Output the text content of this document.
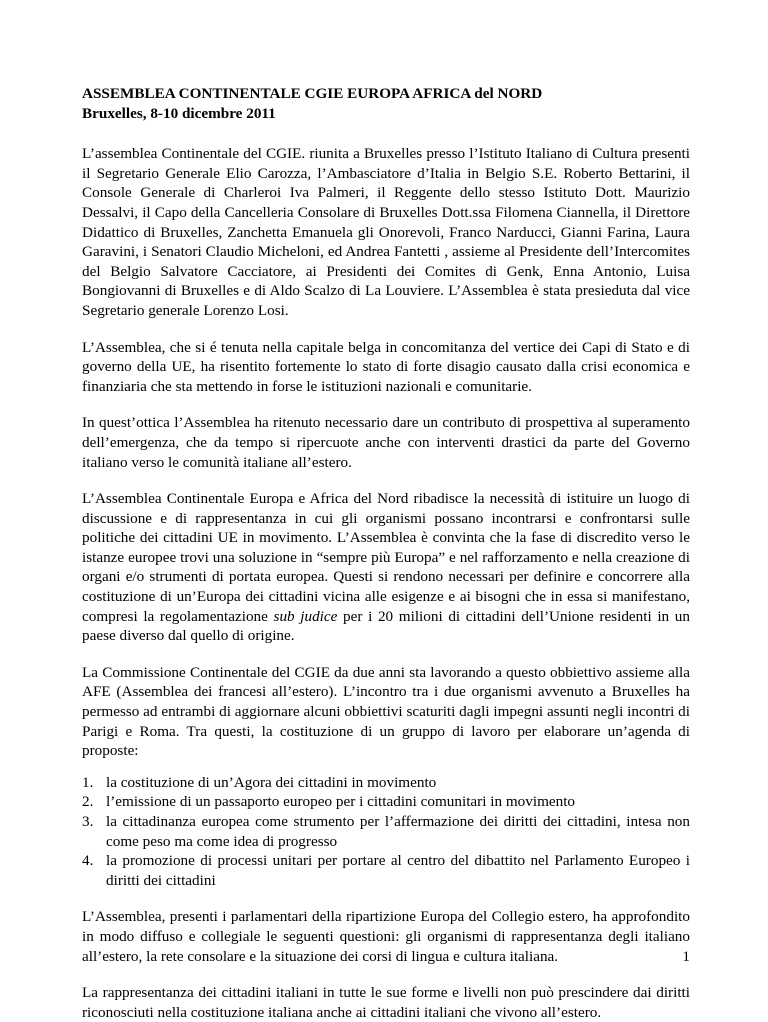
ASSEMBLEA CONTINENTALE CGIE EUROPA AFRICA del NORD

Bruxelles, 8-10 dicembre 2011

L’assemblea Continentale del CGIE. riunita a Bruxelles presso l’Istituto Italiano di Cultura presenti il Segretario Generale Elio Carozza, l’Ambasciatore d’Italia in Belgio S.E. Roberto Bettarini, il Console Generale di Charleroi Iva Palmeri, il Reggente dello stesso Istituto Dott. Maurizio Dessalvi, il Capo della Cancelleria Consolare di Bruxelles Dott.ssa Filomena Ciannella, il Direttore Didattico di Bruxelles, Zanchetta Emanuela gli Onorevoli, Franco Narducci, Gianni Farina, Laura Garavini, i Senatori Claudio Micheloni, ed Andrea Fantetti , assieme al Presidente dell’Intercomites del Belgio Salvatore Cacciatore, ai Presidenti dei Comites di Genk, Enna Antonio, Luisa Bongiovanni di Bruxelles e di Aldo Scalzo di La Louviere. L’Assemblea è stata presieduta dal vice Segretario generale Lorenzo Losi.

L’Assemblea, che si é tenuta nella capitale belga in concomitanza del vertice dei Capi di Stato e di governo della UE, ha risentito fortemente lo stato di forte disagio causato dalla crisi economica e finanziaria che sta mettendo in forse le istituzioni nazionali e comunitarie.

In quest’ottica l’Assemblea ha ritenuto necessario dare un contributo di prospettiva al superamento dell’emergenza, che da tempo si ripercuote anche con interventi drastici da parte del Governo italiano verso le comunità italiane all’estero.

L’Assemblea Continentale Europa e Africa del Nord ribadisce la necessità di istituire un luogo di discussione e di rappresentanza in cui gli organismi possano incontrarsi e confrontarsi sulle politiche dei cittadini UE in movimento. L’Assemblea è convinta che la fase di discredito verso le istanze europee trovi una soluzione in “sempre più Europa” e nel rafforzamento e nella creazione di organi e/o strumenti di portata europea. Questi si rendono necessari per definire e concorrere alla costituzione di un’Europa dei cittadini vicina alle esigenze e ai bisogni che in essa si manifestano, compresi la regolamentazione sub judice per i 20 milioni di cittadini dell’Unione residenti in un paese diverso dal quello di origine.

La Commissione Continentale del CGIE da due anni sta lavorando a questo obbiettivo assieme alla AFE (Assemblea dei francesi all’estero). L’incontro tra i due organismi avvenuto a Bruxelles ha permesso ad entrambi di aggiornare alcuni obbiettivi scaturiti dagli impegni assunti negli incontri di Parigi e Roma. Tra questi, la costituzione di un gruppo di lavoro per elaborare un’agenda di proposte:

1. la costituzione di un’Agora dei cittadini in movimento
2. l’emissione di un passaporto europeo per i cittadini comunitari in movimento
3. la cittadinanza europea come strumento per l’affermazione dei diritti dei cittadini, intesa non come peso ma come idea di progresso
4. la promozione di processi unitari per portare al centro del dibattito nel Parlamento Europeo i diritti dei cittadini

L’Assemblea, presenti i parlamentari della ripartizione Europa del Collegio estero, ha approfondito in modo diffuso e collegiale le seguenti questioni: gli organismi di rappresentanza degli italiano all’estero, la rete consolare e la situazione dei corsi di lingua e cultura italiana.

La rappresentanza dei cittadini italiani in tutte le sue forme e livelli non può prescindere dai diritti riconosciuti nella costituzione italiana anche ai cittadini italiani che vivono all’estero.

1
